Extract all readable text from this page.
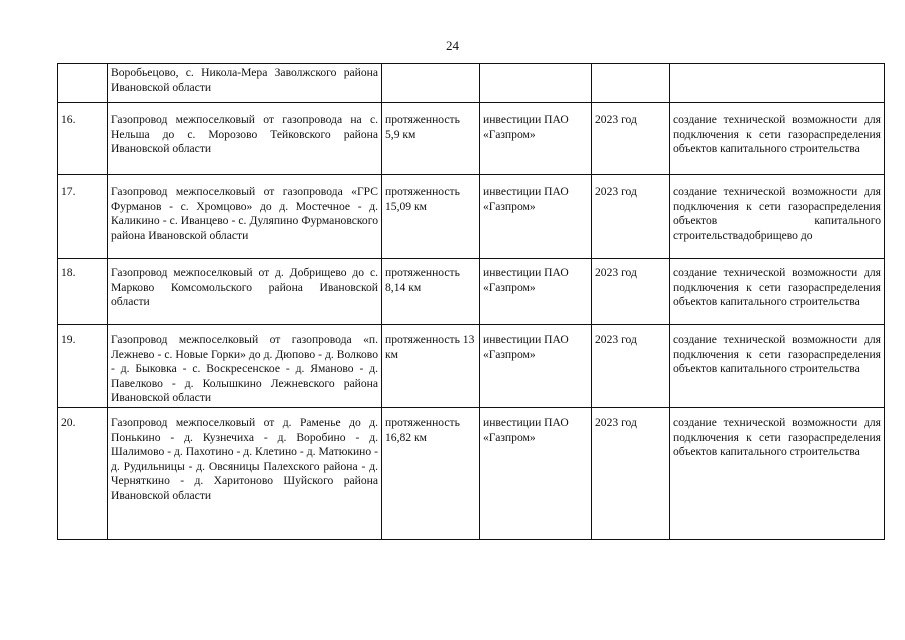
24
	Воробьецово, с. Никола-Мера Заволжского района Ивановской области				
16.	Газопровод межпоселковый от газопровода на с. Нельша до с. Морозово Тейковского района Ивановской области	протяженность 5,9 км	инвестиции ПАО «Газпром»	2023 год	создание технической возможности для подключения к сети газораспределения объектов капитального строительства
17.	Газопровод межпоселковый от газопровода «ГРС Фурманов - с. Хромцово» до д. Мостечное - д. Каликино - с. Иванцево - с. Дуляпино Фурмановского района Ивановской области	протяженность 15,09 км	инвестиции ПАО «Газпром»	2023 год	создание технической возможности для подключения к сети газораспределения объектов капитального строительствадобрищево до
18.	Газопровод межпоселковый от д. Добрищево до с. Марково Комсомольского района Ивановской области	протяженность 8,14 км	инвестиции ПАО «Газпром»	2023 год	создание технической возможности для подключения к сети газораспределения объектов капитального строительства
19.	Газопровод межпоселковый от газопровода «п. Лежнево - с. Новые Горки» до д. Дюпово - д. Волково - д. Быковка - с. Воскресенское - д. Яманово - д. Павелково - д. Колышкино Лежневского района Ивановской области	протяженность 13 км	инвестиции ПАО «Газпром»	2023 год	создание технической возможности для подключения к сети газораспределения объектов капитального строительства
20.	Газопровод межпоселковый от д. Раменье до д. Понькино - д. Кузнечиха - д. Воробино - д. Шалимово - д. Пахотино - д. Клетино - д. Матюкино - д. Рудильницы - д. Овсяницы Палехского района - д. Черняткино - д. Харитоново Шуйского района Ивановской области	протяженность 16,82 км	инвестиции ПАО «Газпром»	2023 год	создание технической возможности для подключения к сети газораспределения объектов капитального строительства
